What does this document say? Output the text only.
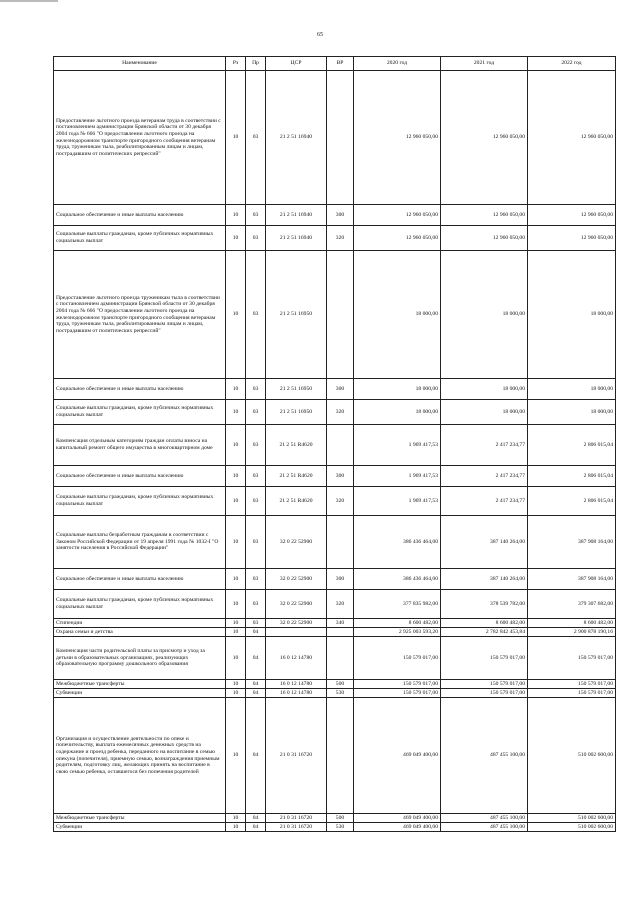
65
Наименование	Рз	Пр	ЦСР	ВР	2020 год	2021 год	2022 год
Предоставление льготного проезда ветеранам труда в соответствии с постановлением администрации Брянской области от 30 декабря 2004 года № 666 "О предоставлении льготного проезда на железнодорожном транспорте пригородного сообщения ветеранам труда, труженикам тыла, реабилитированным лицам и лицам, пострадавшим от политических репрессий"	10	03	21 2 51 16940		12 960 050,00	12 960 050,00	12 960 050,00
Социальное обеспечение и иные выплаты населению	10	03	21 2 51 16940	300	12 960 050,00	12 960 050,00	12 960 050,00
Социальные выплаты гражданам, кроме публичных нормативных социальных выплат	10	03	21 2 51 16940	320	12 960 050,00	12 960 050,00	12 960 050,00
Предоставление льготного проезда труженикам тыла в соответствии с постановлением администрации Брянской области от 30 декабря 2004 года № 666 "О предоставлении льготного проезда на железнодорожном транспорте пригородного сообщения ветеранам труда, труженикам тыла, реабилитированным лицам и лицам, пострадавшим от политических репрессий"	10	03	21 2 51 16950		18 000,00	18 000,00	18 000,00
Социальное обеспечение и иные выплаты населению	10	03	21 2 51 16950	300	18 000,00	18 000,00	18 000,00
Социальные выплаты гражданам, кроме публичных нормативных социальных выплат	10	03	21 2 51 16950	320	18 000,00	18 000,00	18 000,00
Компенсация отдельным категориям граждан оплаты взноса на капитальный ремонт общего имущества в многоквартирном доме	10	03	21 2 51 R4620		1 969 417,53	2 417 234,77	2 806 015,04
Социальное обеспечение и иные выплаты населению	10	03	21 2 51 R4620	300	1 969 417,53	2 417 234,77	2 806 015,04
Социальные выплаты гражданам, кроме публичных нормативных социальных выплат	10	03	21 2 51 R4620	320	1 969 417,53	2 417 234,77	2 806 015,04
Социальные выплаты безработным гражданам в соответствии с Законом Российской Федерации от 19 апреля 1991 года № 1032-I "О занятости населения в Российской Федерации"	10	03	32 0 22 52900		386 436 464,00	387 140 264,00	387 908 164,00
Социальное обеспечение и иные выплаты населению	10	03	32 0 22 52900	300	386 436 464,00	387 140 264,00	387 908 164,00
Социальные выплаты гражданам, кроме публичных нормативных социальных выплат	10	03	32 0 22 52900	320	377 835 982,00	378 539 782,00	379 307 682,00
Стипендии	10	03	32 0 22 52900	340	8 600 482,00	8 600 482,00	8 600 482,00
Охрана семьи и детства	10	04			2 925 003 593,20	2 782 842 453,84	2 900 878 190,16
Компенсация части родительской платы за присмотр и уход за детьми в образовательных организациях, реализующих образовательную программу дошкольного образования	10	04	16 0 12 14780		150 579 017,00	150 579 017,00	150 579 017,00
Межбюджетные трансферты	10	04	16 0 12 14780	500	150 579 017,00	150 579 017,00	150 579 017,00
Субвенции	10	04	16 0 12 14780	530	150 579 017,00	150 579 017,00	150 579 017,00
Организация и осуществление деятельности по опеке и попечительству, выплата ежемесячных денежных средств на содержание и проезд ребенка, переданного на воспитание в семью опекуна (попечителя), приемную семью, вознаграждения приемным родителям, подготовку лиц, желающих принять на воспитание в свою семью ребенка, оставшегося без попечения родителей	10	04	21 0 31 16720		469 049 400,00	487 455 100,00	510 002 600,00
Межбюджетные трансферты	10	04	21 0 31 16720	500	469 049 400,00	487 455 100,00	510 002 600,00
Субвенции	10	04	21 0 31 16720	530	469 049 400,00	487 455 100,00	510 002 600,00
